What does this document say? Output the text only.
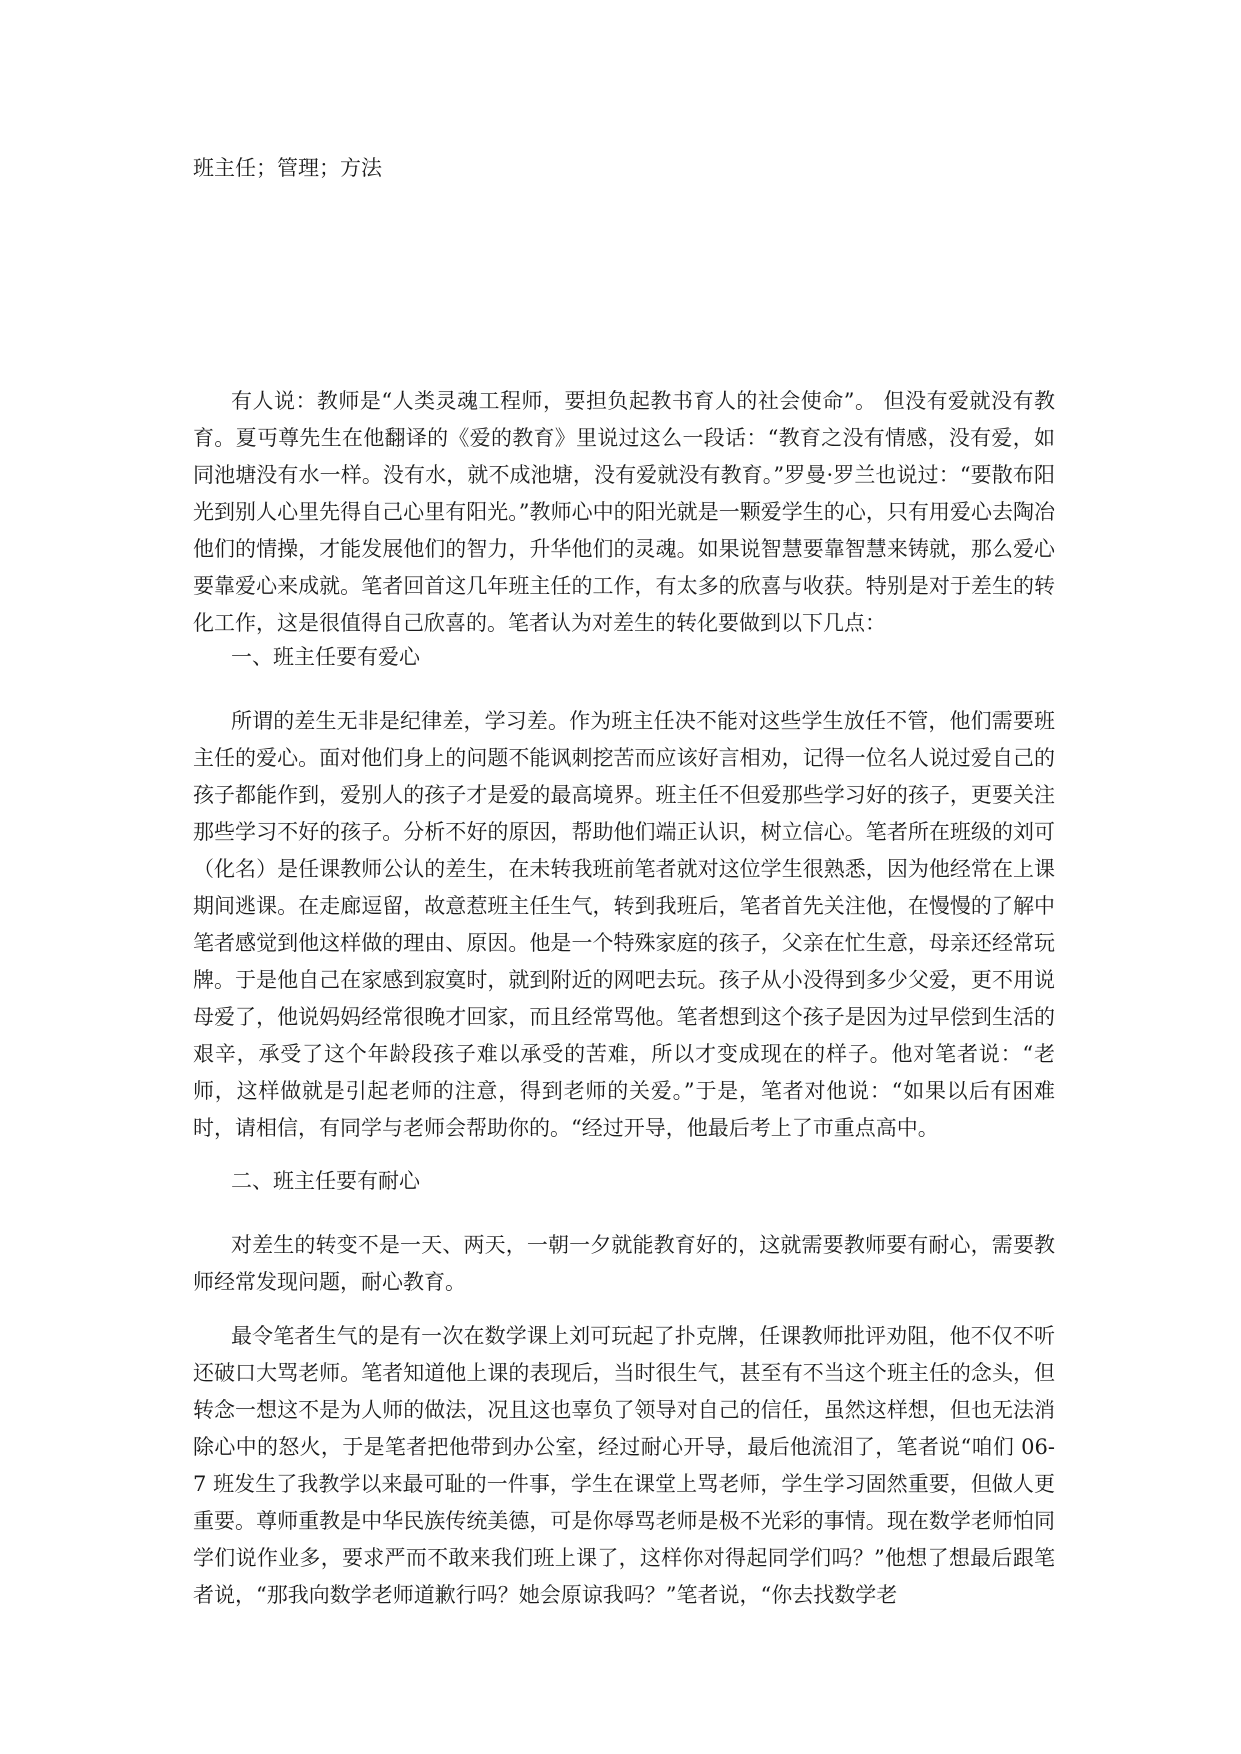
班主任；管理；方法

有人说：教师是“人类灵魂工程师，要担负起教书育人的社会使命”。 但没有爱就没有教育。夏丏尊先生在他翻译的《爱的教育》里说过这么一段话：“教育之没有情感，没有爱，如同池塘没有水一样。没有水，就不成池塘，没有爱就没有教育。”罗曼·罗兰也说过：“要散布阳光到别人心里先得自己心里有阳光。”教师心中的阳光就是一颗爱学生的心，只有用爱心去陶冶他们的情操，才能发展他们的智力，升华他们的灵魂。如果说智慧要靠智慧来铸就，那么爱心要靠爱心来成就。笔者回首这几年班主任的工作，有太多的欣喜与收获。特别是对于差生的转化工作，这是很值得自己欣喜的。笔者认为对差生的转化要做到以下几点：

一、班主任要有爱心

所谓的差生无非是纪律差，学习差。作为班主任决不能对这些学生放任不管，他们需要班主任的爱心。面对他们身上的问题不能讽刺挖苦而应该好言相劝，记得一位名人说过爱自己的孩子都能作到，爱别人的孩子才是爱的最高境界。班主任不但爱那些学习好的孩子，更要关注那些学习不好的孩子。分析不好的原因，帮助他们端正认识，树立信心。笔者所在班级的刘可（化名）是任课教师公认的差生，在未转我班前笔者就对这位学生很熟悉，因为他经常在上课期间逃课。在走廊逗留，故意惹班主任生气，转到我班后，笔者首先关注他，在慢慢的了解中笔者感觉到他这样做的理由、原因。他是一个特殊家庭的孩子，父亲在忙生意，母亲还经常玩牌。于是他自己在家感到寂寞时，就到附近的网吧去玩。孩子从小没得到多少父爱，更不用说母爱了，他说妈妈经常很晚才回家，而且经常骂他。笔者想到这个孩子是因为过早偿到生活的艰辛，承受了这个年龄段孩子难以承受的苦难，所以才变成现在的样子。他对笔者说：“老师，这样做就是引起老师的注意，得到老师的关爱。”于是，笔者对他说：“如果以后有困难时，请相信，有同学与老师会帮助你的。“经过开导，他最后考上了市重点高中。

二、班主任要有耐心

对差生的转变不是一天、两天，一朝一夕就能教育好的，这就需要教师要有耐心，需要教师经常发现问题，耐心教育。

最令笔者生气的是有一次在数学课上刘可玩起了扑克牌，任课教师批评劝阻，他不仅不听还破口大骂老师。笔者知道他上课的表现后，当时很生气，甚至有不当这个班主任的念头，但转念一想这不是为人师的做法，况且这也辜负了领导对自己的信任，虽然这样想，但也无法消除心中的怒火，于是笔者把他带到办公室，经过耐心开导，最后他流泪了，笔者说“咱们 06-7 班发生了我教学以来最可耻的一件事，学生在课堂上骂老师，学生学习固然重要，但做人更重要。尊师重教是中华民族传统美德，可是你辱骂老师是极不光彩的事情。现在数学老师怕同学们说作业多，要求严而不敢来我们班上课了，这样你对得起同学们吗？”他想了想最后跟笔者说，“那我向数学老师道歉行吗？她会原谅我吗？”笔者说，“你去找数学老
